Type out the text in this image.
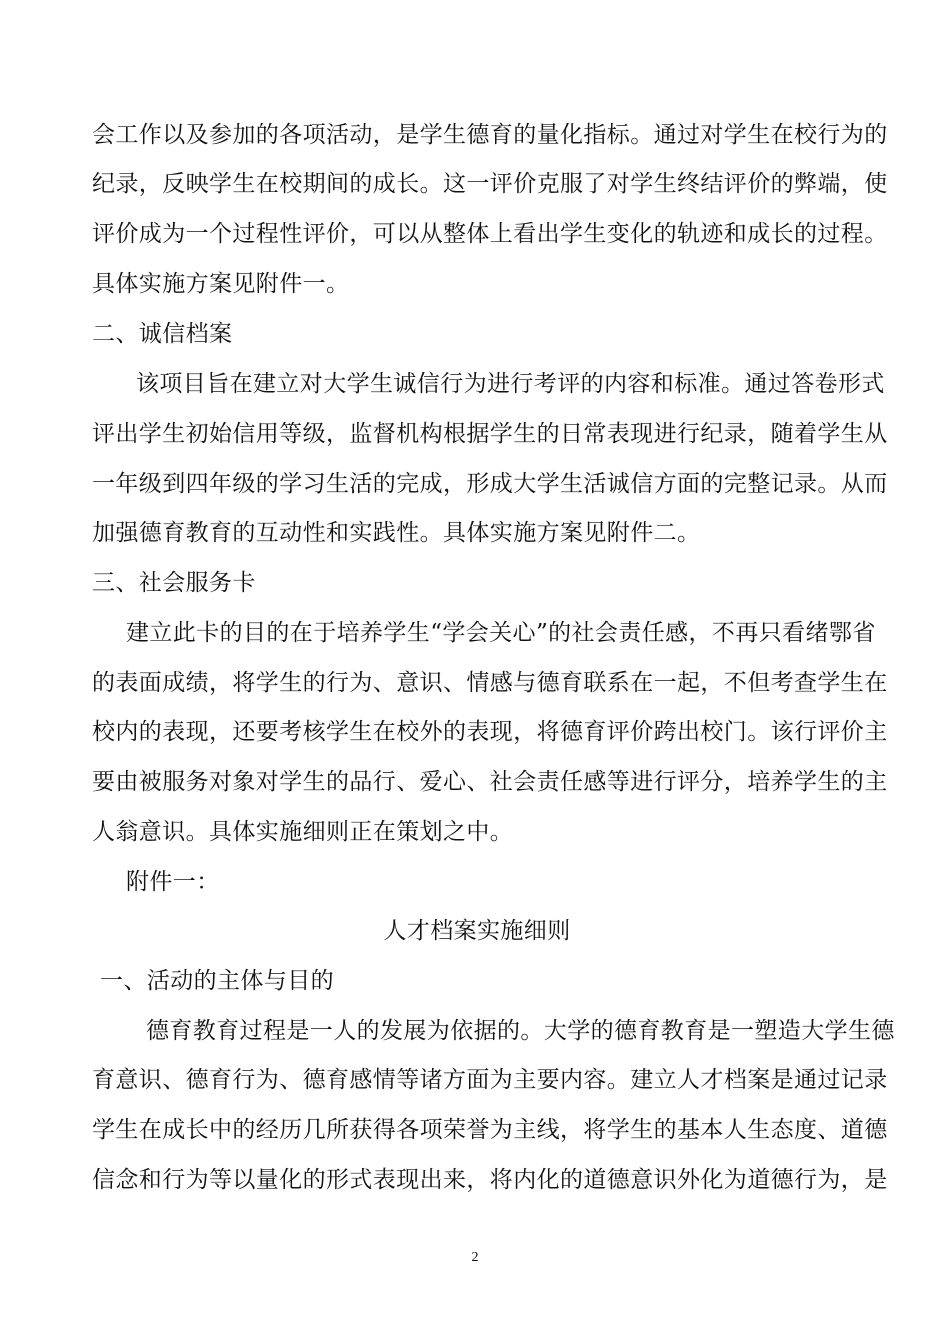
会工作以及参加的各项活动，是学生德育的量化指标。通过对学生在校行为的
纪录，反映学生在校期间的成长。这一评价克服了对学生终结评价的弊端，使
评价成为一个过程性评价，可以从整体上看出学生变化的轨迹和成长的过程。
具体实施方案见附件一。
二、诚信档案
该项目旨在建立对大学生诚信行为进行考评的内容和标准。通过答卷形式
评出学生初始信用等级，监督机构根据学生的日常表现进行纪录，随着学生从
一年级到四年级的学习生活的完成，形成大学生活诚信方面的完整记录。从而
加强德育教育的互动性和实践性。具体实施方案见附件二。
三、社会服务卡
建立此卡的目的在于培养学生“学会关心”的社会责任感，不再只看绪鄂省
的表面成绩，将学生的行为、意识、情感与德育联系在一起，不但考查学生在
校内的表现，还要考核学生在校外的表现，将德育评价跨出校门。该行评价主
要由被服务对象对学生的品行、爱心、社会责任感等进行评分，培养学生的主
人翁意识。具体实施细则正在策划之中。
附件一：
人才档案实施细则
一、活动的主体与目的
德育教育过程是一人的发展为依据的。大学的德育教育是一塑造大学生德
育意识、德育行为、德育感情等诸方面为主要内容。建立人才档案是通过记录
学生在成长中的经历几所获得各项荣誉为主线，将学生的基本人生态度、道德
信念和行为等以量化的形式表现出来，将内化的道德意识外化为道德行为，是
2
